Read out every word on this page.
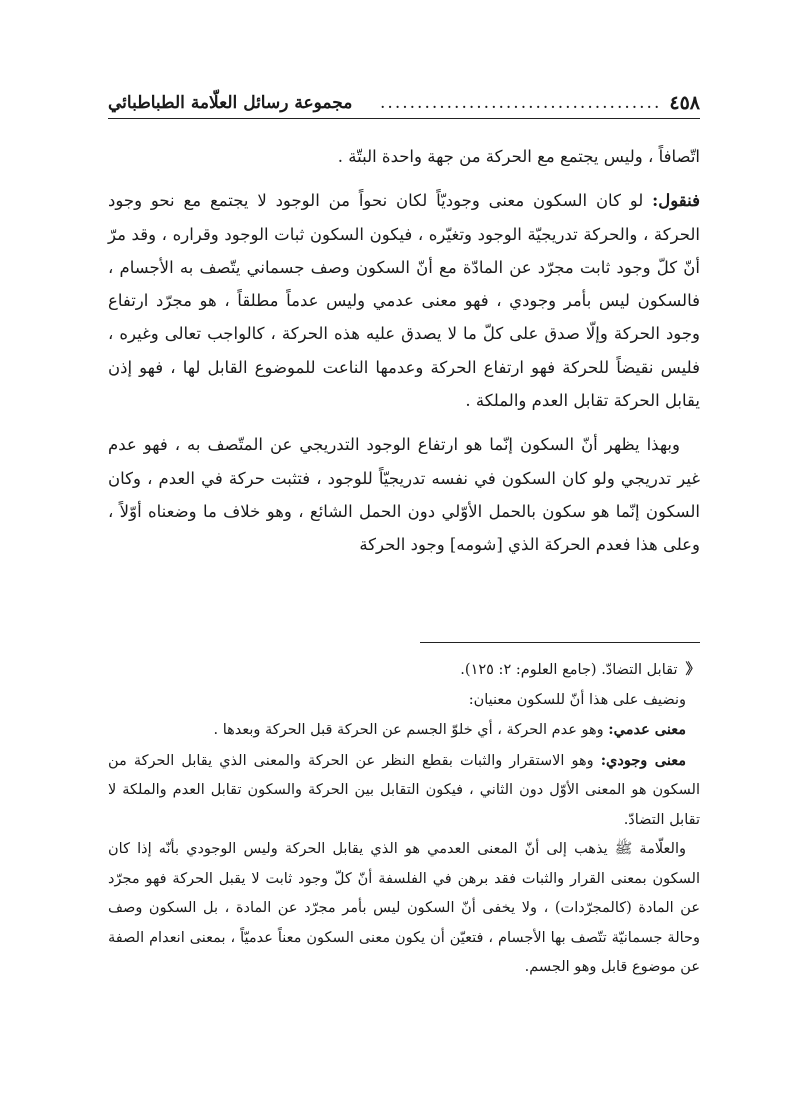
٤٥٨
......................................
مجموعة رسائل العلّامة الطباطبائي

اتّصافاً ، وليس يجتمع مع الحركة من جهة واحدة البتّة .

فنقول: لو كان السكون معنى وجوديّاً لكان نحواً من الوجود لا يجتمع مع نحو وجود الحركة ، والحركة تدريجيّة الوجود وتغيّره ، فيكون السكون ثبات الوجود وقراره ، وقد مرّ أنّ كلّ وجود ثابت مجرّد عن المادّة مع أنّ السكون وصف جسماني يتّصف به الأجسام ، فالسكون ليس بأمر وجودي ، فهو معنى عدمي وليس عدماً مطلقاً ، هو مجرّد ارتفاع وجود الحركة وإلّا صدق على كلّ ما لا يصدق عليه هذه الحركة ، كالواجب تعالى وغيره ، فليس نقيضاً للحركة فهو ارتفاع الحركة وعدمها الناعت للموضوع القابل لها ، فهو إذن يقابل الحركة تقابل العدم والملكة .

وبهذا يظهر أنّ السكون إنّما هو ارتفاع الوجود التدريجي عن المتّصف به ، فهو عدم غير تدريجي ولو كان السكون في نفسه تدريجيّاً للوجود ، فتثبت حركة في العدم ، وكان السكون إنّما هو سكون بالحمل الأوّلي دون الحمل الشائع ، وهو خلاف ما وضعناه أوّلاً ، وعلى هذا فعدم الحركة الذي [شومه] وجود الحركة

《تقابل التضادّ. (جامع العلوم: ٢: ١٢٥).

ونضيف على هذا أنّ للسكون معنيان:

معنى عدمي: وهو عدم الحركة ، أي خلوّ الجسم عن الحركة قبل الحركة وبعدها .

معنى وجودي: وهو الاستقرار والثبات بقطع النظر عن الحركة والمعنى الذي يقابل الحركة من السكون هو المعنى الأوّل دون الثاني ، فيكون التقابل بين الحركة والسكون تقابل العدم والملكة لا تقابل التضادّ.

والعلّامة ﷺ يذهب إلى أنّ المعنى العدمي هو الذي يقابل الحركة وليس الوجودي بأنّه إذا كان السكون بمعنى القرار والثبات فقد برهن في الفلسفة أنّ كلّ وجود ثابت لا يقبل الحركة فهو مجرّد عن المادة (كالمجرّدات) ، ولا يخفى أنّ السكون ليس بأمر مجرّد عن المادة ، بل السكون وصف وحالة جسمانيّة تتّصف بها الأجسام ، فتعيّن أن يكون معنى السكون معناً عدميّاً ، بمعنى انعدام الصفة عن موضوع قابل وهو الجسم.
